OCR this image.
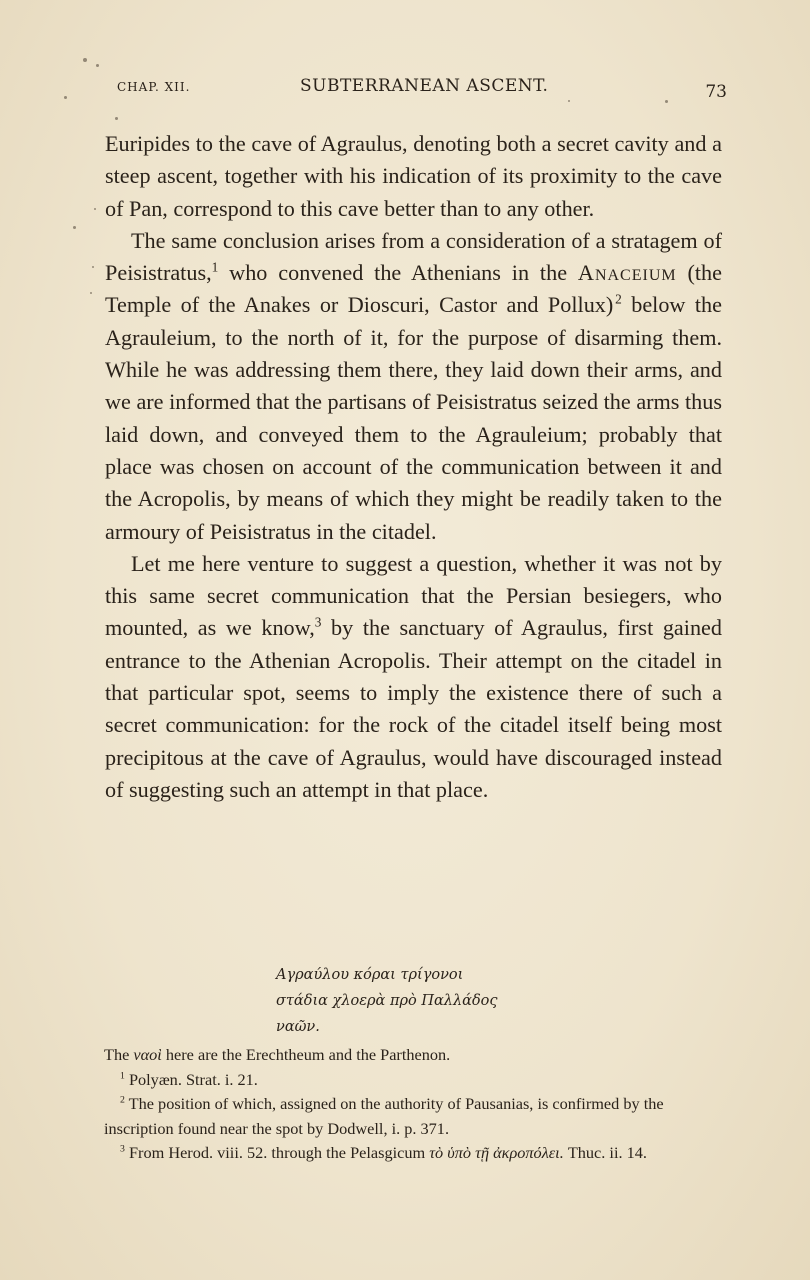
CHAP. XII.	SUBTERRANEAN ASCENT.	73

Euripides to the cave of Agraulus, denoting both a secret cavity and a steep ascent, together with his indication of its proximity to the cave of Pan, correspond to this cave better than to any other.

The same conclusion arises from a consideration of a stratagem of Peisistratus,$^1$ who convened the Athenians in the Anaceium (the Temple of the Anakes or Dioscuri, Castor and Pollux)  $^2$ below the Agrauleium, to the north of it, for the purpose of disarming them. While he was addressing them there, they laid down their arms, and we are informed that the partisans of Peisistratus seized the arms thus laid down, and conveyed them to the Agrauleium; probably that place was chosen on account of the communication between it and the Acropolis, by means of which they might be readily taken to the armoury of Peisistratus in the citadel.

Let me here venture to suggest a question, whether it was not by this same secret communication that the Persian besiegers, who mounted, as we know,$^3$ by the sanctuary of Agraulus, first gained entrance to the Athenian Acropolis. Their attempt on the citadel in that particular spot, seems to imply the existence there of such a secret communication: for the rock of the citadel itself being most precipitous at the cave of Agraulus, would have discouraged instead of suggesting such an attempt in that place.

Αγραύλου κόραι τρίγονοι
στάδια χλοερὰ πρὸ Παλλάδος
ναῶν.

The ναοὶ here are the Erechtheum and the Parthenon.

$^1$ Polyæn. Strat. i. 21.

$^2$ The position of which, assigned on the authority of Pausanias, is confirmed by the inscription found near the spot by Dodwell, i. p. 371.

$^3$ From Herod. viii. 52. through the Pelasgicum τὸ ὑπὸ τῇ ἀκροπόλει. Thuc. ii. 14.
